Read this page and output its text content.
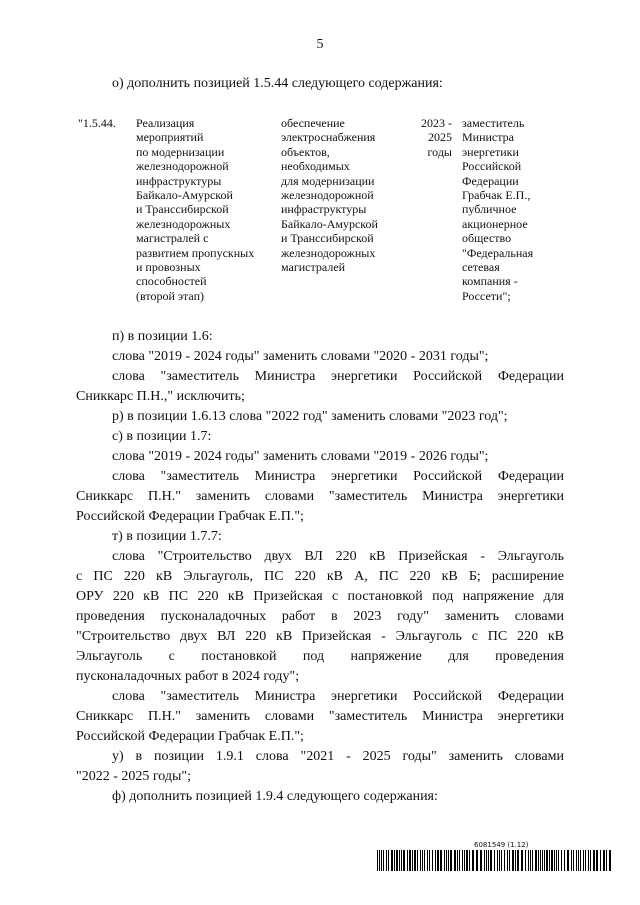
5

о) дополнить позицией 1.5.44 следующего содержания:

"1.5.44. Реализация
мероприятий
по модернизации
железнодорожной
инфраструктуры
Байкало-Амурской
и Транссибирской
железнодорожных
магистралей с
развитием пропускных
и провозных
способностей
(второй этап)
обеспечение
электроснабжения
объектов,
необходимых
для модернизации
железнодорожной
инфраструктуры
Байкало-Амурской
и Транссибирской
железнодорожных
магистралей
2023 -
2025
годы
заместитель
Министра
энергетики
Российской
Федерации
Грабчак Е.П.,
публичное
акционерное
общество
"Федеральная
сетевая
компания -
Россети";

п) в позиции 1.6:

слова "2019 - 2024 годы" заменить словами "2020 - 2031 годы";

слова "заместитель Министра энергетики Российской Федерации

Сниккарс П.Н.," исключить;

р) в позиции 1.6.13 слова "2022 год" заменить словами "2023 год";

с) в позиции 1.7:

слова "2019 - 2024 годы" заменить словами "2019 - 2026 годы";

слова "заместитель Министра энергетики Российской Федерации

Сниккарс П.Н." заменить словами "заместитель Министра энергетики

Российской Федерации Грабчак Е.П.";

т) в позиции 1.7.7:

слова "Строительство двух ВЛ 220 кВ Призейская - Эльгауголь

с ПС 220 кВ Эльгауголь, ПС 220 кВ А, ПС 220 кВ Б; расширение

ОРУ 220 кВ ПС 220 кВ Призейская с постановкой под напряжение для

проведения пусконаладочных работ в 2023 году" заменить словами

"Строительство двух ВЛ 220 кВ Призейская - Эльгауголь с ПС 220 кВ

Эльгауголь с постановкой под напряжение для проведения

пусконаладочных работ в 2024 году";

слова "заместитель Министра энергетики Российской Федерации

Сниккарс П.Н." заменить словами "заместитель Министра энергетики

Российской Федерации Грабчак Е.П.";

у) в позиции 1.9.1 слова "2021 - 2025 годы" заменить словами

"2022 - 2025 годы";

ф) дополнить позицией 1.9.4 следующего содержания:

6081549 (1.12)
